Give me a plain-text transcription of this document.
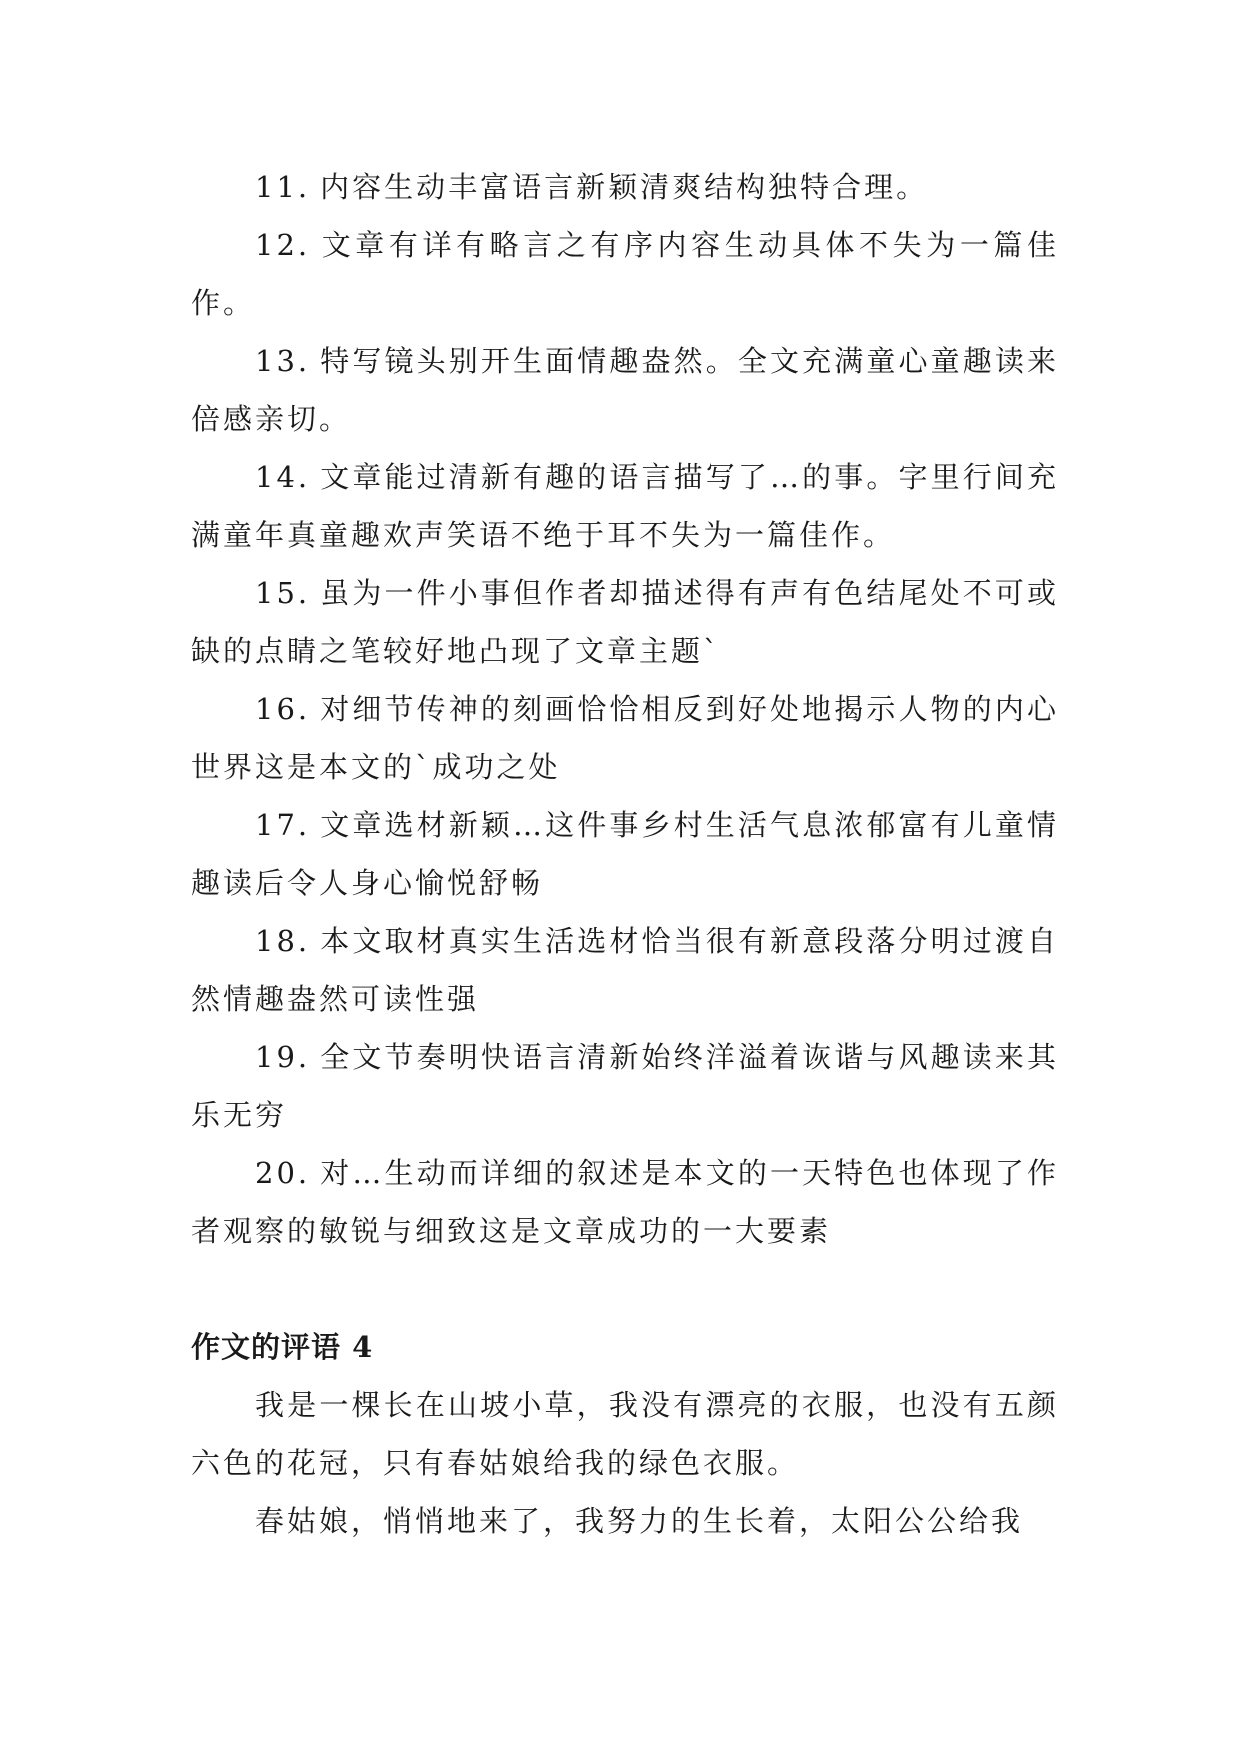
11. 内容生动丰富语言新颖清爽结构独特合理。

12. 文章有详有略言之有序内容生动具体不失为一篇佳作。

13. 特写镜头别开生面情趣盎然。全文充满童心童趣读来倍感亲切。

14. 文章能过清新有趣的语言描写了…的事。字里行间充满童年真童趣欢声笑语不绝于耳不失为一篇佳作。

15. 虽为一件小事但作者却描述得有声有色结尾处不可或缺的点睛之笔较好地凸现了文章主题`

16. 对细节传神的刻画恰恰相反到好处地揭示人物的内心世界这是本文的`成功之处

17. 文章选材新颖…这件事乡村生活气息浓郁富有儿童情趣读后令人身心愉悦舒畅

18. 本文取材真实生活选材恰当很有新意段落分明过渡自然情趣盎然可读性强

19. 全文节奏明快语言清新始终洋溢着诙谐与风趣读来其乐无穷

20. 对…生动而详细的叙述是本文的一天特色也体现了作者观察的敏锐与细致这是文章成功的一大要素

作文的评语 4

我是一棵长在山坡小草，我没有漂亮的衣服，也没有五颜六色的花冠，只有春姑娘给我的绿色衣服。

春姑娘，悄悄地来了，我努力的生长着，太阳公公给我
